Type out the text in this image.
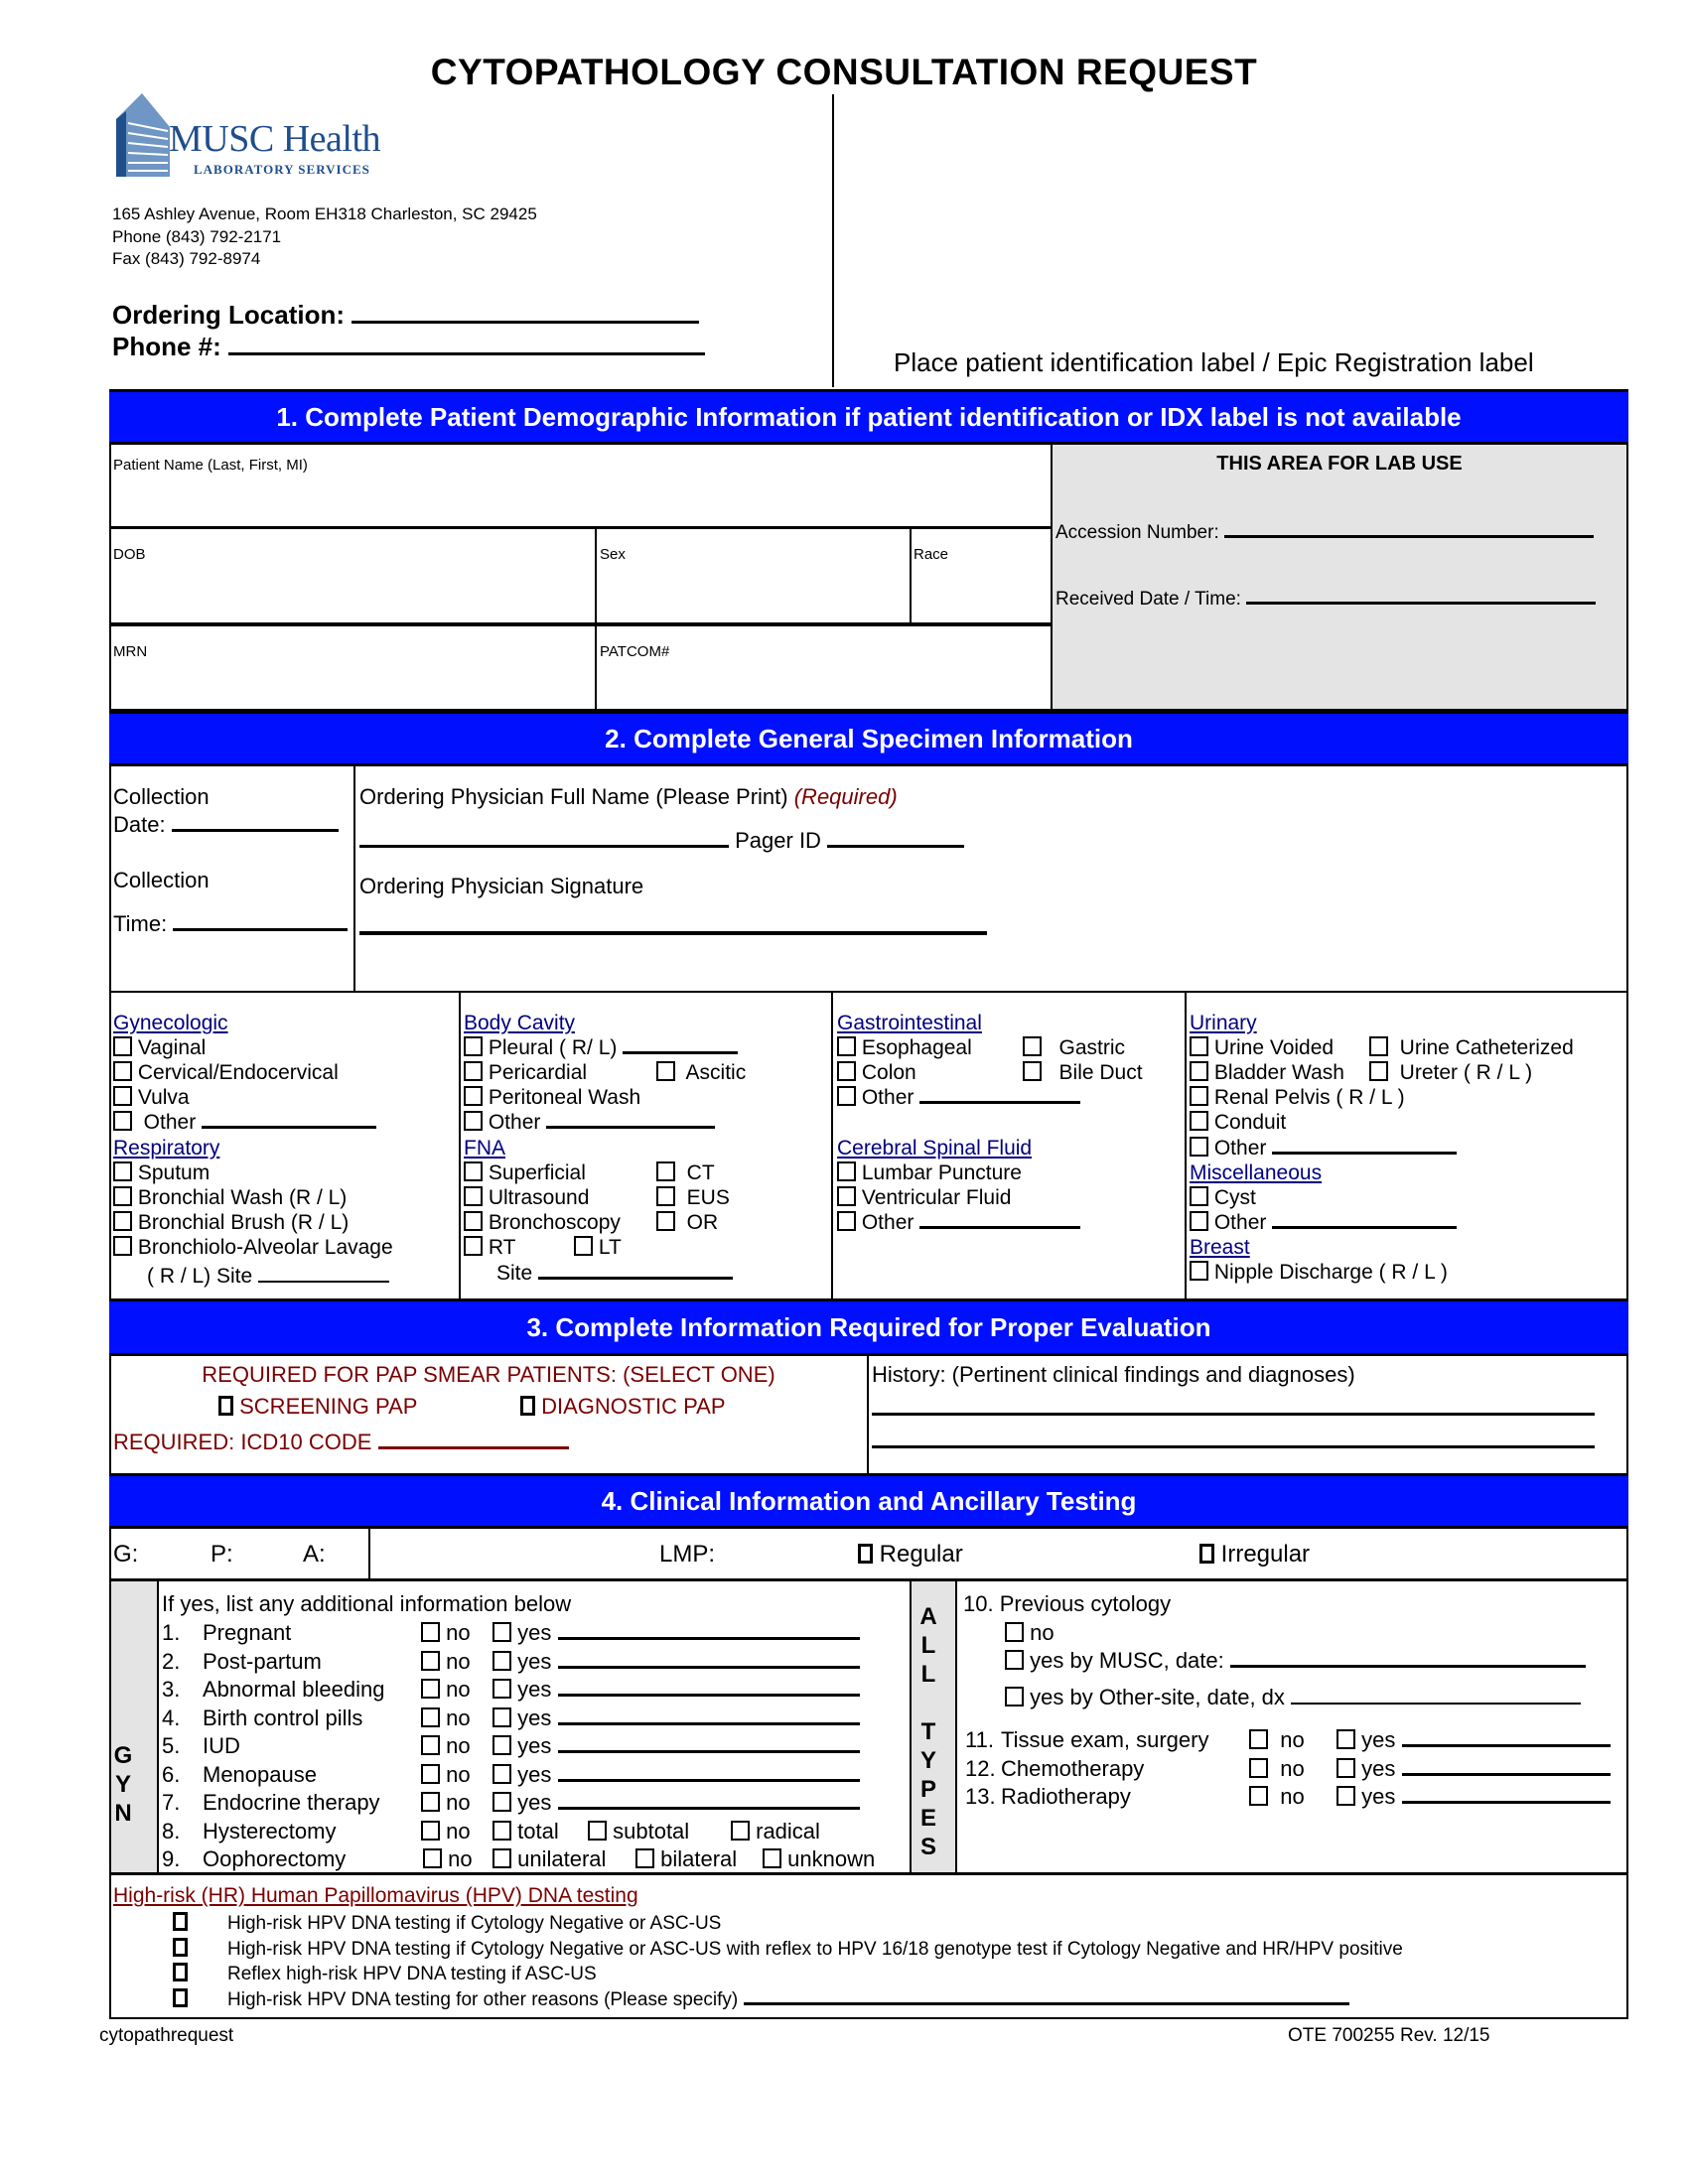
CYTOPATHOLOGY CONSULTATION REQUEST
MUSC Health
LABORATORY SERVICES
165 Ashley Avenue, Room EH318 Charleston, SC 29425
Phone (843) 792-2171
Fax (843) 792-8974
Ordering Location:
Phone #:
Place patient identification label / Epic Registration label
1. Complete Patient Demographic Information if patient identification or IDX label is not available
Patient Name (Last, First, MI)
DOB	Sex	Race
MRN	PATCOM#
THIS AREA FOR LAB USE
Accession Number:
Received Date / Time:
2. Complete General Specimen Information
Collection
Date:
Collection
Time:
Ordering Physician Full Name (Please Print) (Required)
Pager ID
Ordering Physician Signature
Gynecologic
Vaginal
Cervical/Endocervical
Vulva
Other
Respiratory
Sputum
Bronchial Wash (R / L)
Bronchial Brush (R / L)
Bronchiolo-Alveolar Lavage
( R / L) Site
Body Cavity
Pleural ( R/ L)
Pericardial	Ascitic
Peritoneal Wash
Other
FNA
Superficial	CT
Ultrasound	EUS
Bronchoscopy	OR
RT	LT
Site
Gastrointestinal
Esophageal	Gastric
Colon	Bile Duct
Other
Cerebral Spinal Fluid
Lumbar Puncture
Ventricular Fluid
Other
Urinary
Urine Voided	Urine Catheterized
Bladder Wash	Ureter ( R / L )
Renal Pelvis ( R / L )
Conduit
Other
Miscellaneous
Cyst
Other
Breast
Nipple Discharge ( R / L )
3. Complete Information Required for Proper Evaluation
REQUIRED FOR PAP SMEAR PATIENTS: (SELECT ONE)
SCREENING PAP	DIAGNOSTIC PAP
REQUIRED: ICD10 CODE
History: (Pertinent clinical findings and diagnoses)
4. Clinical Information and Ancillary Testing
G:	P:	A:	LMP:	Regular	Irregular
G
Y
N
If yes, list any additional information below
1. Pregnant	no	yes
2. Post-partum	no	yes
3. Abnormal bleeding	no	yes
4. Birth control pills	no	yes
5. IUD	no	yes
6. Menopause	no	yes
7. Endocrine therapy	no	yes
8. Hysterectomy	no	total	subtotal	radical
9. Oophorectomy	no	unilateral	bilateral	unknown
A
L
L
T
Y
P
E
S
10. Previous cytology
no
yes by MUSC, date:
yes by Other-site, date, dx
11. Tissue exam, surgery	no	yes
12. Chemotherapy	no	yes
13. Radiotherapy	no	yes
High-risk (HR) Human Papillomavirus (HPV) DNA testing
High-risk HPV DNA testing if Cytology Negative or ASC-US
High-risk HPV DNA testing if Cytology Negative or ASC-US with reflex to HPV 16/18 genotype test if Cytology Negative and HR/HPV positive
Reflex high-risk HPV DNA testing if ASC-US
High-risk HPV DNA testing for other reasons (Please specify)
cytopathrequest	OTE 700255 Rev. 12/15
